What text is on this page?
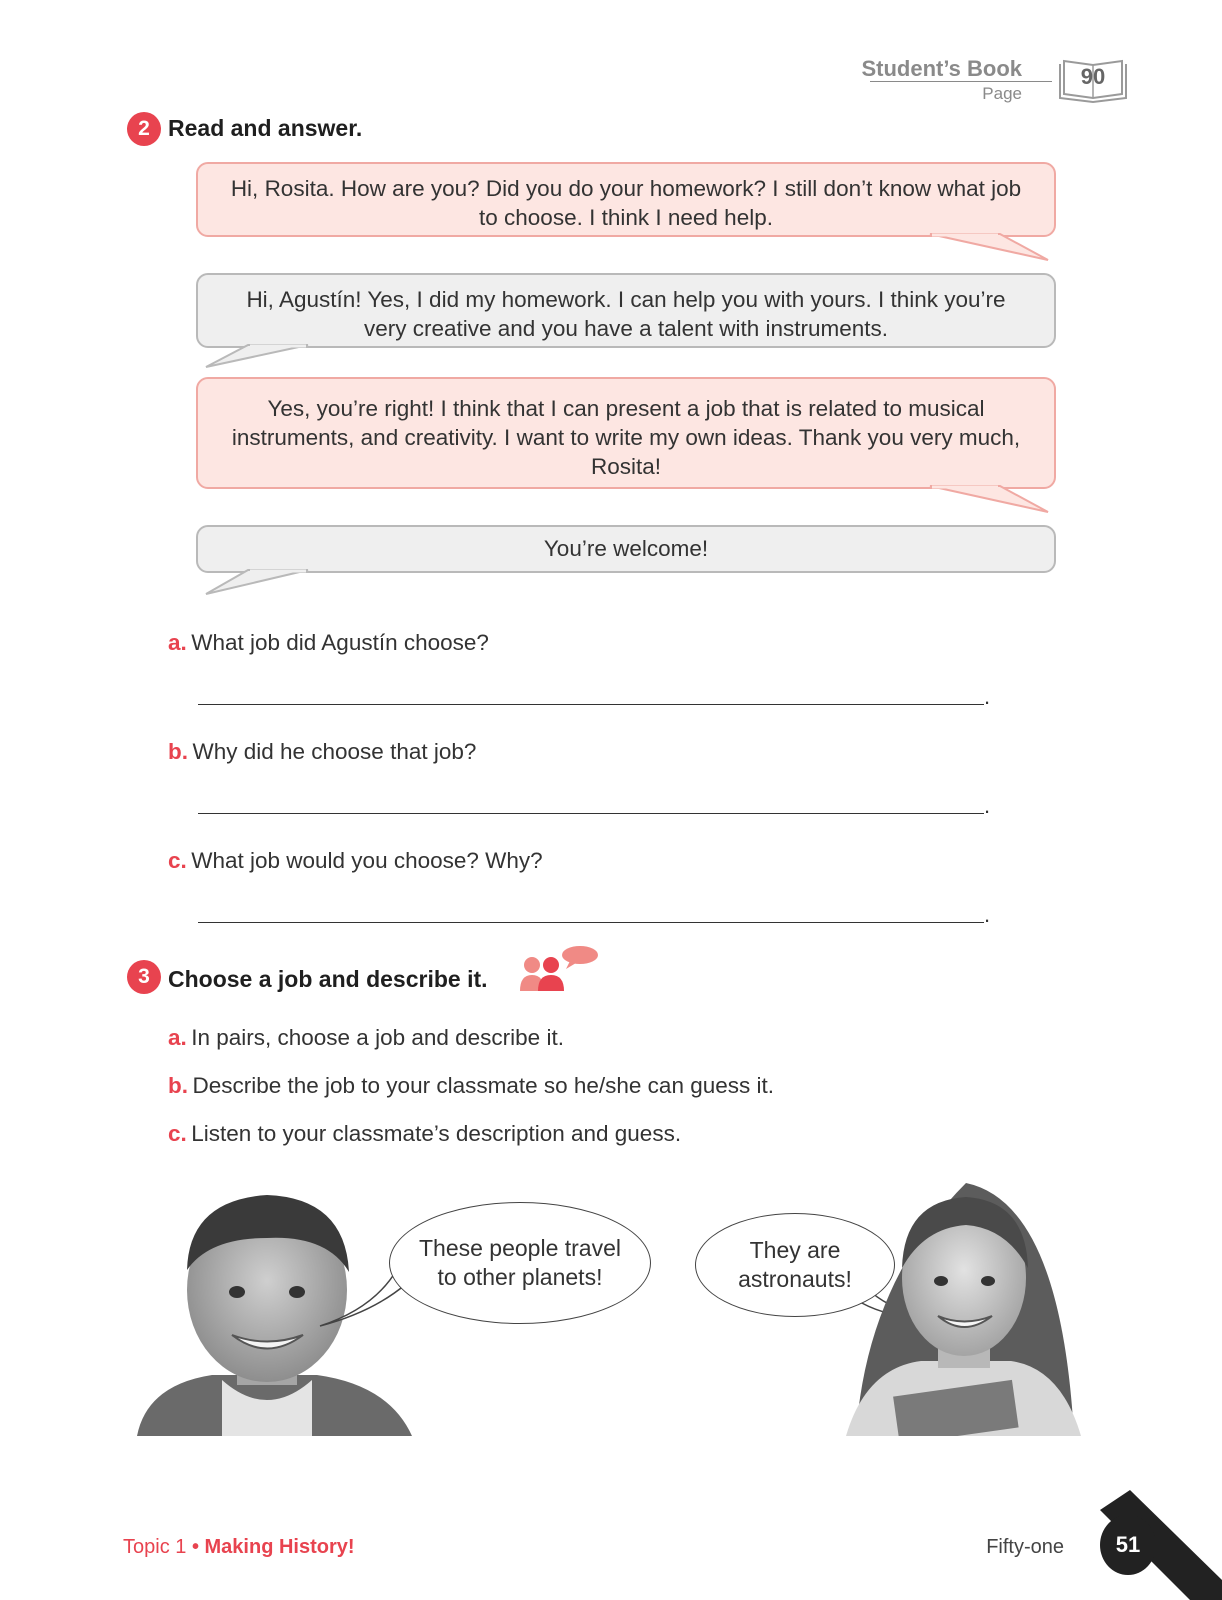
Student’s Book
Page
90
2 Read and answer.
Hi, Rosita. How are you? Did you do your homework? I still don’t know what job to choose. I think I need help.
Hi, Agustín! Yes, I did my homework. I can help you with yours. I think you’re very creative and you have a talent with instruments.
Yes, you’re right! I think that I can present a job that is related to musical instruments, and creativity. I want to write my own ideas. Thank you very much, Rosita!
You’re welcome!
a. What job did Agustín choose?
.
b. Why did he choose that job?
.
c. What job would you choose? Why?
.
3 Choose a job and describe it.
a. In pairs, choose a job and describe it.
b. Describe the job to your classmate so he/she can guess it.
c. Listen to your classmate’s description and guess.
These people travel to other planets!
They are astronauts!
Topic 1 • Making History!	Fifty-one	51
